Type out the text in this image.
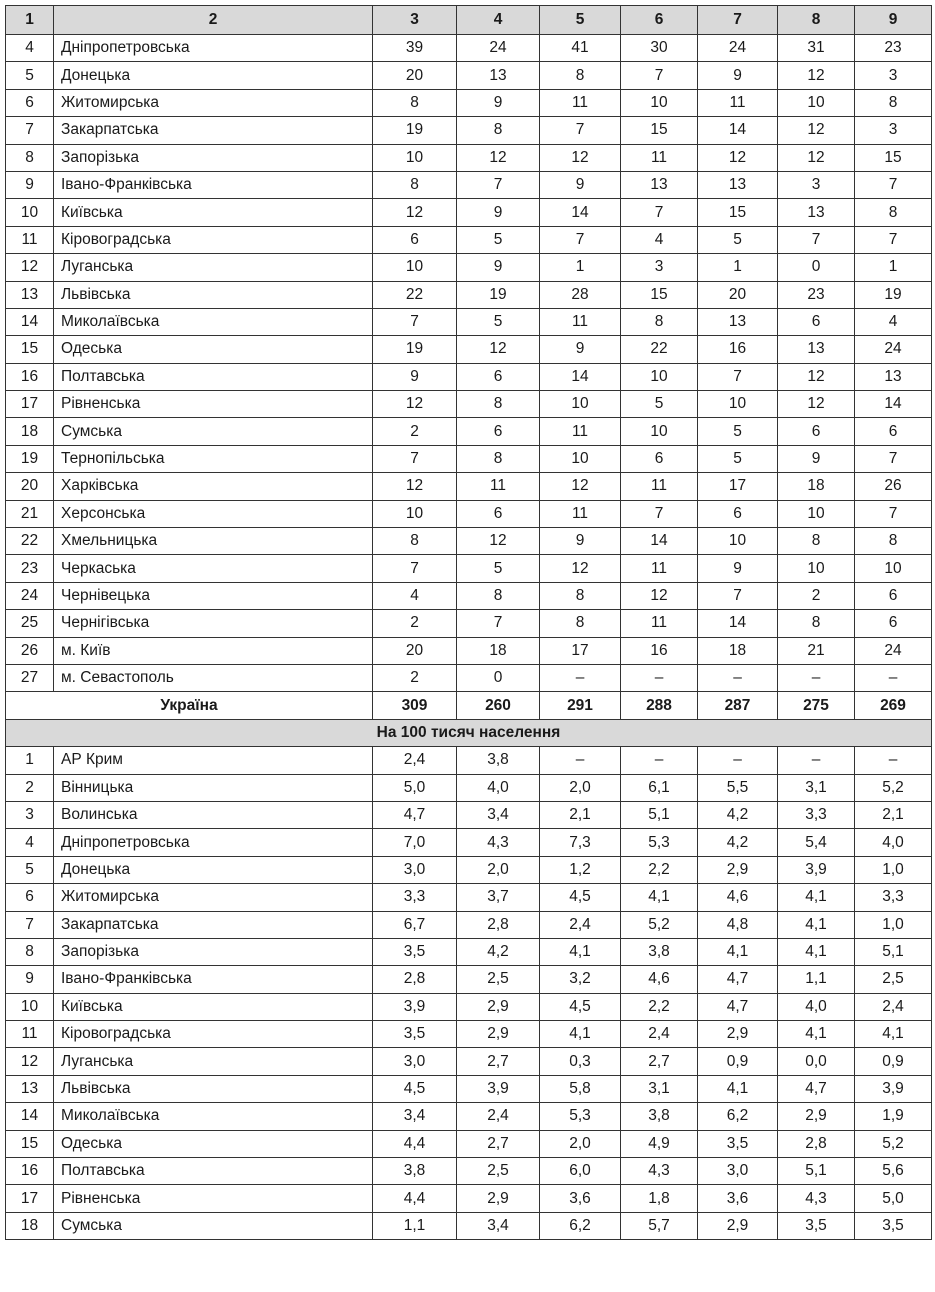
1	2	3	4	5	6	7	8	9
4	Дніпропетровська	39	24	41	30	24	31	23
5	Донецька	20	13	8	7	9	12	3
6	Житомирська	8	9	11	10	11	10	8
7	Закарпатська	19	8	7	15	14	12	3
8	Запорізька	10	12	12	11	12	12	15
9	Івано-Франківська	8	7	9	13	13	3	7
10	Київська	12	9	14	7	15	13	8
11	Кіровоградська	6	5	7	4	5	7	7
12	Луганська	10	9	1	3	1	0	1
13	Львівська	22	19	28	15	20	23	19
14	Миколаївська	7	5	11	8	13	6	4
15	Одеська	19	12	9	22	16	13	24
16	Полтавська	9	6	14	10	7	12	13
17	Рівненська	12	8	10	5	10	12	14
18	Сумська	2	6	11	10	5	6	6
19	Тернопільська	7	8	10	6	5	9	7
20	Харківська	12	11	12	11	17	18	26
21	Херсонська	10	6	11	7	6	10	7
22	Хмельницька	8	12	9	14	10	8	8
23	Черкаська	7	5	12	11	9	10	10
24	Чернівецька	4	8	8	12	7	2	6
25	Чернігівська	2	7	8	11	14	8	6
26	м. Київ	20	18	17	16	18	21	24
27	м. Севастополь	2	0	–	–	–	–	–
Україна		309	260	291	288	287	275	269
На 100 тисяч населення								
1	АР Крим	2,4	3,8	–	–	–	–	–
2	Вінницька	5,0	4,0	2,0	6,1	5,5	3,1	5,2
3	Волинська	4,7	3,4	2,1	5,1	4,2	3,3	2,1
4	Дніпропетровська	7,0	4,3	7,3	5,3	4,2	5,4	4,0
5	Донецька	3,0	2,0	1,2	2,2	2,9	3,9	1,0
6	Житомирська	3,3	3,7	4,5	4,1	4,6	4,1	3,3
7	Закарпатська	6,7	2,8	2,4	5,2	4,8	4,1	1,0
8	Запорізька	3,5	4,2	4,1	3,8	4,1	4,1	5,1
9	Івано-Франківська	2,8	2,5	3,2	4,6	4,7	1,1	2,5
10	Київська	3,9	2,9	4,5	2,2	4,7	4,0	2,4
11	Кіровоградська	3,5	2,9	4,1	2,4	2,9	4,1	4,1
12	Луганська	3,0	2,7	0,3	2,7	0,9	0,0	0,9
13	Львівська	4,5	3,9	5,8	3,1	4,1	4,7	3,9
14	Миколаївська	3,4	2,4	5,3	3,8	6,2	2,9	1,9
15	Одеська	4,4	2,7	2,0	4,9	3,5	2,8	5,2
16	Полтавська	3,8	2,5	6,0	4,3	3,0	5,1	5,6
17	Рівненська	4,4	2,9	3,6	1,8	3,6	4,3	5,0
18	Сумська	1,1	3,4	6,2	5,7	2,9	3,5	3,5
